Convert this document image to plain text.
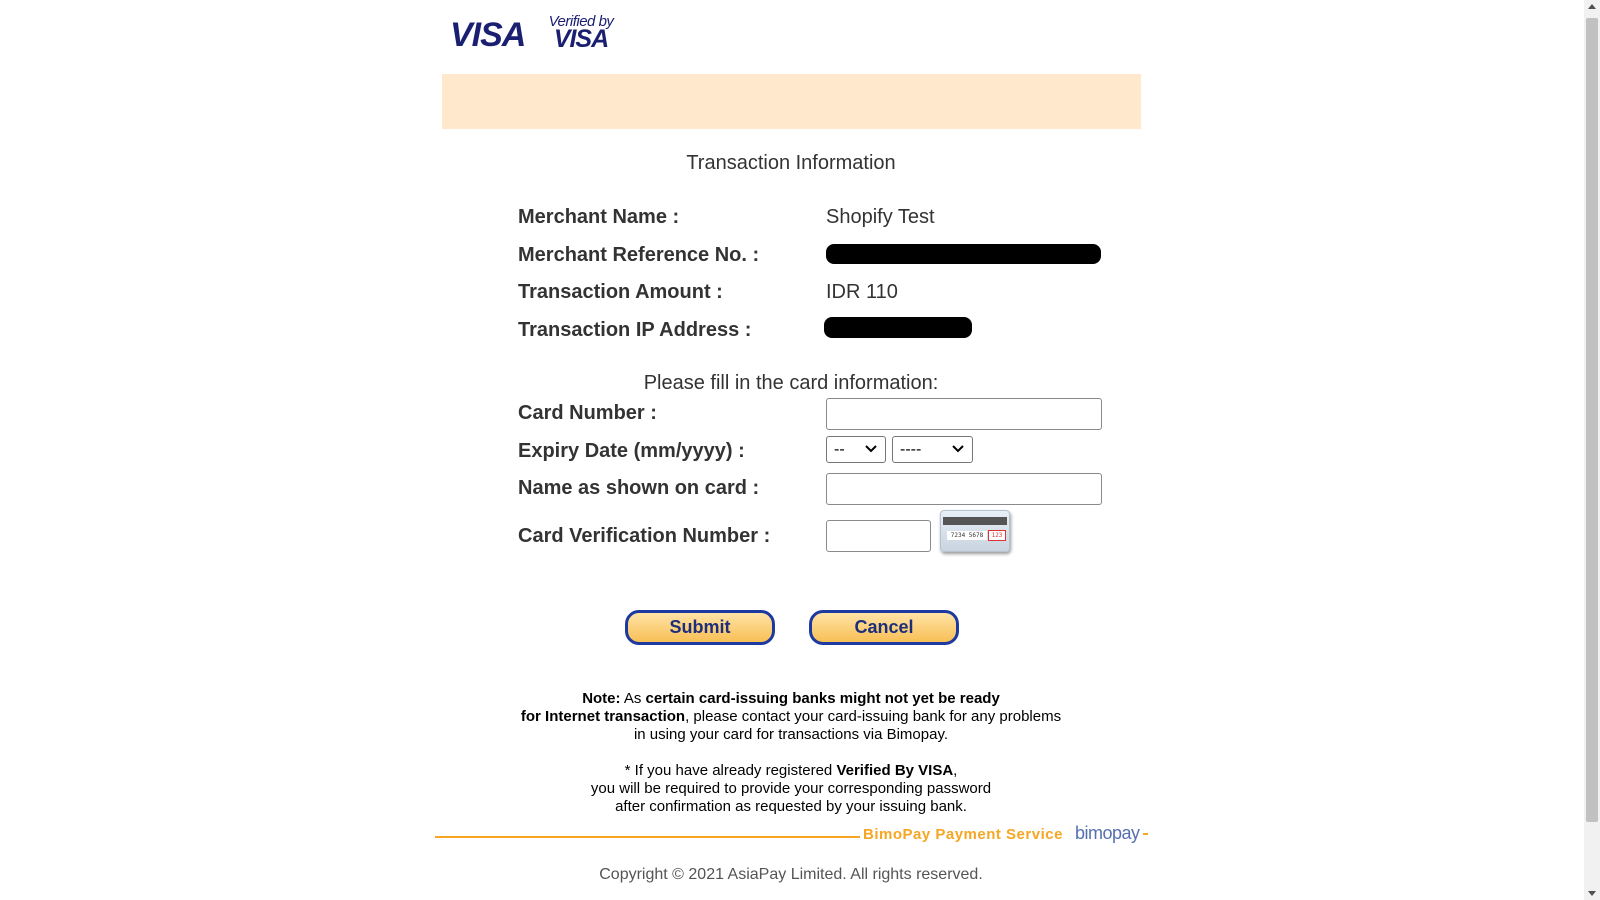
VISA	Verified by
VISA
Transaction Information
Merchant Name :	Shopify Test
Merchant Reference No. :
Transaction Amount :	IDR 110
Transaction IP Address :
Please fill in the card information:
Card Number :
Expiry Date (mm/yyyy) :	--	----
Name as shown on card :
Card Verification Number :	7234 5678	123
Submit	Cancel
Note: As certain card-issuing banks might not yet be ready
for Internet transaction, please contact your card-issuing bank for any problems
in using your card for transactions via Bimopay.
* If you have already registered Verified By VISA,
you will be required to provide your corresponding password
after confirmation as requested by your issuing bank.
BimoPay Payment Service bimopay
Copyright © 2021 AsiaPay Limited. All rights reserved.
